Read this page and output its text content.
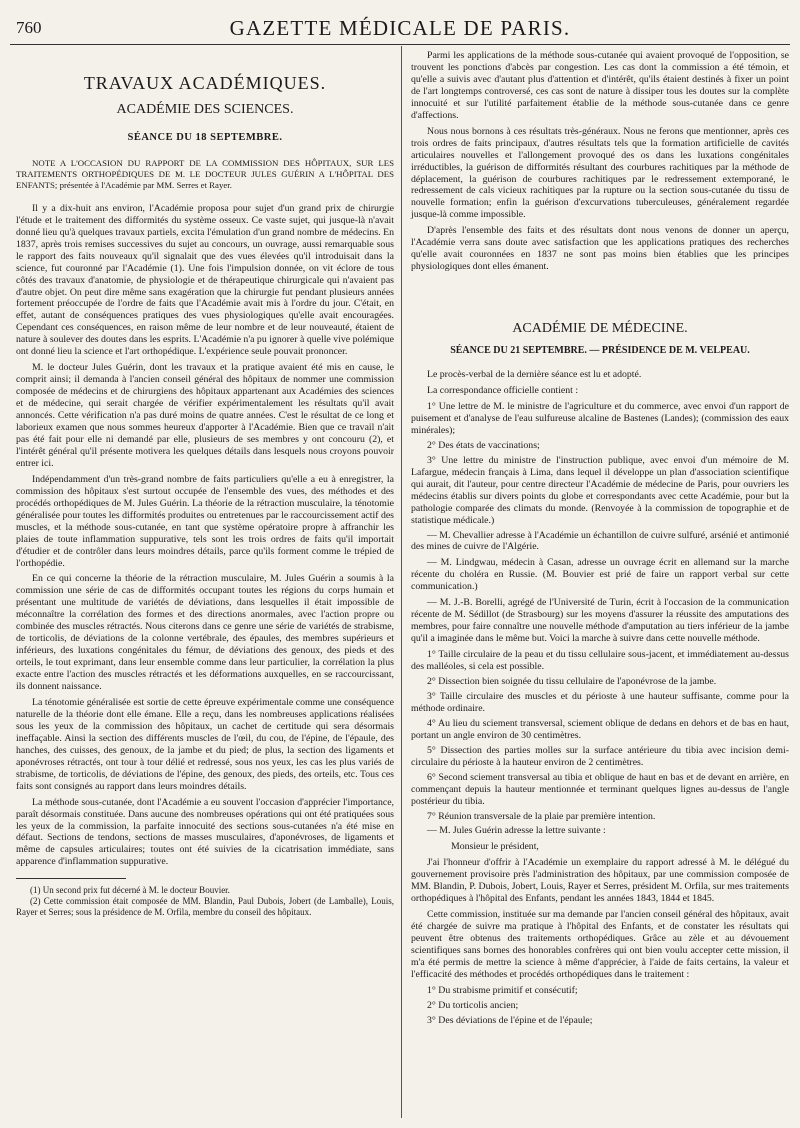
760	GAZETTE MÉDICALE DE PARIS.
TRAVAUX ACADÉMIQUES.
ACADÉMIE DES SCIENCES.
SÉANCE DU 18 SEPTEMBRE.

NOTE A L'OCCASION DU RAPPORT DE LA COMMISSION DES HÔPITAUX, SUR LES TRAITEMENTS ORTHOPÉDIQUES DE M. LE DOCTEUR JULES GUÉRIN A L'HÔPITAL DES ENFANTS; présentée à l'Académie par MM. Serres et Rayer.

Il y a dix-huit ans environ, l'Académie proposa pour sujet d'un grand prix de chirurgie l'étude et le traitement des difformités du système osseux. Ce vaste sujet, qui jusque-là n'avait donné lieu qu'à quelques travaux partiels, excita l'émulation d'un grand nombre de médecins. En 1837, après trois remises successives du sujet au concours, un ouvrage, aussi remarquable sous le rapport des faits nouveaux qu'il signalait que des vues élevées qu'il introduisait dans la science, fut couronné par l'Académie (1). Une fois l'impulsion donnée, on vit éclore de tous côtés des travaux d'anatomie, de physiologie et de thérapeutique chirurgicale qui n'avaient pas d'autre objet. On peut dire même sans exagération que la chirurgie fut pendant plusieurs années fortement préoccupée de l'ordre de faits que l'Académie avait mis à l'ordre du jour. C'était, en effet, autant de conséquences pratiques des vues physiologiques qu'elle avait encouragées. Cependant ces conséquences, en raison même de leur nombre et de leur nouveauté, étaient de nature à soulever des doutes dans les esprits. L'Académie n'a pu ignorer à quelle vive polémique ont donné lieu la science et l'art orthopédique. L'expérience seule pouvait prononcer.

M. le docteur Jules Guérin, dont les travaux et la pratique avaient été mis en cause, le comprit ainsi; il demanda à l'ancien conseil général des hôpitaux de nommer une commission composée de médecins et de chirurgiens des hôpitaux appartenant aux Académies des sciences et de médecine, qui serait chargée de vérifier expérimentalement les résultats qu'il avait annoncés. Cette vérification n'a pas duré moins de quatre années. C'est le résultat de ce long et laborieux examen que nous sommes heureux d'apporter à l'Académie. Bien que ce travail n'ait pas été fait pour elle ni demandé par elle, plusieurs de ses membres y ont concouru (2), et l'intérêt général qu'il présente motivera les quelques détails dans lesquels nous croyons pouvoir entrer ici.

Indépendamment d'un très-grand nombre de faits particuliers qu'elle a eu à enregistrer, la commission des hôpitaux s'est surtout occupée de l'ensemble des vues, des méthodes et des procédés orthopédiques de M. Jules Guérin. La théorie de la rétraction musculaire, la ténotomie généralisée pour toutes les difformités produites ou entretenues par le raccourcissement actif des muscles, et la méthode sous-cutanée, en tant que système opératoire propre à affranchir les plaies de toute inflammation suppurative, tels sont les trois ordres de faits qu'il importait d'étudier et de contrôler dans leurs moindres détails, parce qu'ils forment comme le trépied de l'orthopédie.

En ce qui concerne la théorie de la rétraction musculaire, M. Jules Guérin a soumis à la commission une série de cas de difformités occupant toutes les régions du corps humain et présentant une multitude de variétés de déviations, dans lesquelles il était impossible de méconnaître la corrélation des formes et des directions anormales, avec l'action propre ou combinée des muscles rétractés. Nous citerons dans ce genre une série de variétés de strabisme, de torticolis, de déviations de la colonne vertébrale, des épaules, des membres supérieurs et inférieurs, des luxations congénitales du fémur, de déviations des genoux, des pieds et des orteils, le tout exprimant, dans leur ensemble comme dans leur particulier, la corrélation la plus exacte entre l'action des muscles rétractés et les déformations auxquelles, en se raccourcissant, ils donnent naissance.

La ténotomie généralisée est sortie de cette épreuve expérimentale comme une conséquence naturelle de la théorie dont elle émane. Elle a reçu, dans les nombreuses applications réalisées sous les yeux de la commission des hôpitaux, un cachet de certitude qui sera désormais ineffaçable. Ainsi la section des différents muscles de l'œil, du cou, de l'épine, de l'épaule, des hanches, des cuisses, des genoux, de la jambe et du pied; de plus, la section des ligaments et aponévroses rétractés, ont tour à tour délié et redressé, sous nos yeux, les cas les plus variés de strabisme, de torticolis, de déviations de l'épine, des genoux, des pieds, des orteils, etc. Tous ces faits sont consignés au rapport dans leurs moindres détails.

La méthode sous-cutanée, dont l'Académie a eu souvent l'occasion d'apprécier l'importance, paraît désormais constituée. Dans aucune des nombreuses opérations qui ont été pratiquées sous les yeux de la commission, la parfaite innocuité des sections sous-cutanées n'a été mise en défaut. Sections de tendons, sections de masses musculaires, d'aponévroses, de ligaments et même de capsules articulaires; toutes ont été suivies de la cicatrisation immédiate, sans apparence d'inflammation suppurative.

(1) Un second prix fut décerné à M. le docteur Bouvier.

(2) Cette commission était composée de MM. Blandin, Paul Dubois, Jobert (de Lamballe), Louis, Rayer et Serres; sous la présidence de M. Orfila, membre du conseil des hôpitaux.

Parmi les applications de la méthode sous-cutanée qui avaient provoqué de l'opposition, se trouvent les ponctions d'abcès par congestion. Les cas dont la commission a été témoin, et qu'elle a suivis avec d'autant plus d'attention et d'intérêt, qu'ils étaient destinés à fixer un point de l'art longtemps controversé, ces cas sont de nature à dissiper tous les doutes sur la complète innocuité et sur l'utilité parfaitement établie de la méthode sous-cutanée dans ce genre d'affections.

Nous nous bornons à ces résultats très-généraux. Nous ne ferons que mentionner, après ces trois ordres de faits principaux, d'autres résultats tels que la formation artificielle de cavités articulaires nouvelles et l'allongement provoqué des os dans les luxations congénitales irréductibles, la guérison de difformités résultant des courbures rachitiques par la méthode de déplacement, la guérison de courbures rachitiques par le redressement extemporané, le redressement de cals vicieux rachitiques par la rupture ou la section sous-cutanée du tissu de nouvelle formation; enfin la guérison d'excurvations tuberculeuses, généralement regardée jusque-là comme impossible.

D'après l'ensemble des faits et des résultats dont nous venons de donner un aperçu, l'Académie verra sans doute avec satisfaction que les applications pratiques des recherches qu'elle avait couronnées en 1837 ne sont pas moins bien établies que les principes physiologiques dont elles émanent.

ACADÉMIE DE MÉDECINE.
SÉANCE DU 21 SEPTEMBRE. — PRÉSIDENCE DE M. VELPEAU.

Le procès-verbal de la dernière séance est lu et adopté.

La correspondance officielle contient :

1° Une lettre de M. le ministre de l'agriculture et du commerce, avec envoi d'un rapport de puisement et d'analyse de l'eau sulfureuse alcaline de Bastenes (Landes); (commission des eaux minérales);

2° Des états de vaccinations;

3° Une lettre du ministre de l'instruction publique, avec envoi d'un mémoire de M. Lafargue, médecin français à Lima, dans lequel il développe un plan d'association scientifique qui aurait, dit l'auteur, pour centre directeur l'Académie de médecine de Paris, pour ouvriers les médecins établis sur divers points du globe et correspondants avec cette Académie, pour but la pathologie comparée des climats du monde. (Renvoyée à la commission de topographie et de statistique médicale.)

— M. Chevallier adresse à l'Académie un échantillon de cuivre sulfuré, arsénié et antimonié des mines de cuivre de l'Algérie.

— M. Lindgwau, médecin à Casan, adresse un ouvrage écrit en allemand sur la marche récente du choléra en Russie. (M. Bouvier est prié de faire un rapport verbal sur cette communication.)

— M. J.-B. Borelli, agrégé de l'Université de Turin, écrit à l'occasion de la communication récente de M. Sédillot (de Strasbourg) sur les moyens d'assurer la réussite des amputations des membres, pour faire connaître une nouvelle méthode d'amputation au tiers inférieur de la jambe qu'il a imaginée dans le même but. Voici la marche à suivre dans cette nouvelle méthode.

1° Taille circulaire de la peau et du tissu cellulaire sous-jacent, et immédiatement au-dessus des malléoles, si cela est possible.

2° Dissection bien soignée du tissu cellulaire de l'aponévrose de la jambe.

3° Taille circulaire des muscles et du périoste à une hauteur suffisante, comme pour la méthode ordinaire.

4° Au lieu du sciement transversal, sciement oblique de dedans en dehors et de bas en haut, portant un angle environ de 30 centimètres.

5° Dissection des parties molles sur la surface antérieure du tibia avec incision demi-circulaire du périoste à la hauteur environ de 2 centimètres.

6° Second sciement transversal au tibia et oblique de haut en bas et de devant en arrière, en commençant depuis la hauteur mentionnée et terminant quelques lignes au-dessus de l'angle postérieur du tibia.

7° Réunion transversale de la plaie par première intention.

— M. Jules Guérin adresse la lettre suivante :

Monsieur le président,

J'ai l'honneur d'offrir à l'Académie un exemplaire du rapport adressé à M. le délégué du gouvernement provisoire près l'administration des hôpitaux, par une commission composée de MM. Blandin, P. Dubois, Jobert, Louis, Rayer et Serres, président M. Orfila, sur mes traitements orthopédiques à l'hôpital des Enfants, pendant les années 1843, 1844 et 1845.

Cette commission, instituée sur ma demande par l'ancien conseil général des hôpitaux, avait été chargée de suivre ma pratique à l'hôpital des Enfants, et de constater les résultats qui peuvent être obtenus des traitements orthopédiques. Grâce au zèle et au dévouement scientifiques sans bornes des honorables confrères qui ont bien voulu accepter cette mission, il m'a été permis de mettre la science à même d'apprécier, à l'aide de faits certains, la valeur et l'efficacité des méthodes et procédés orthopédiques dans le traitement :

1° Du strabisme primitif et consécutif;

2° Du torticolis ancien;

3° Des déviations de l'épine et de l'épaule;
